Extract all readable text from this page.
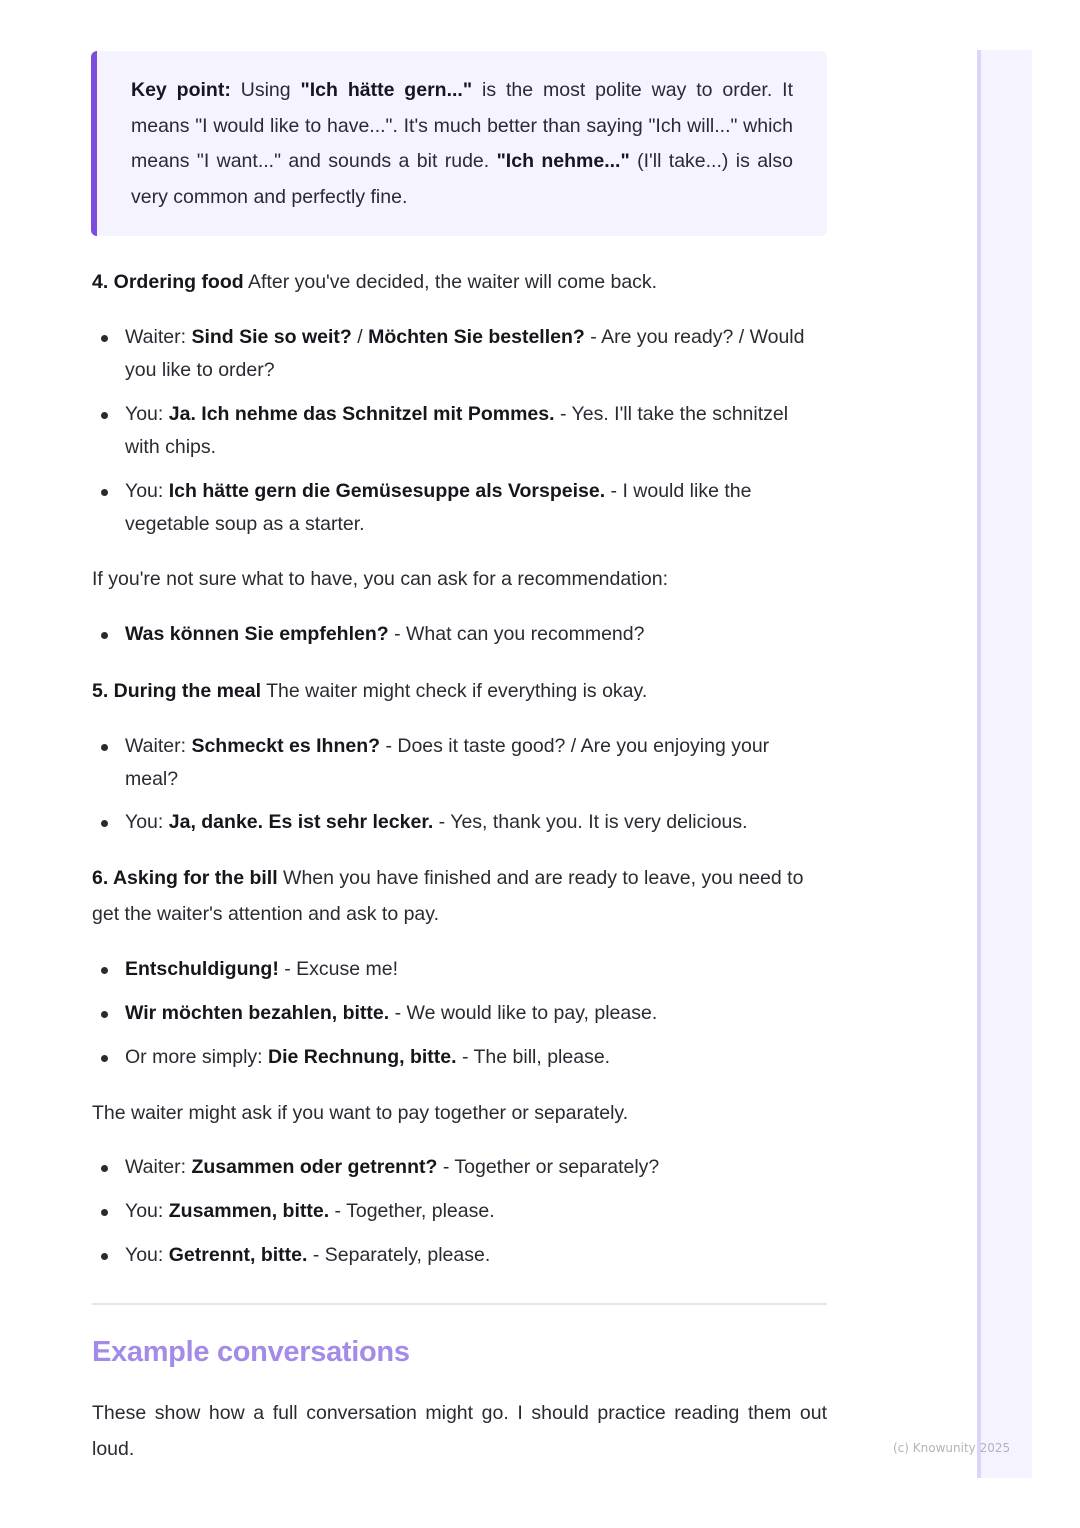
Key point: Using "Ich hätte gern..." is the most polite way to order. It means "I would like to have...". It's much better than saying "Ich will..." which means "I want..." and sounds a bit rude. "Ich nehme..." (I'll take...) is also very common and perfectly fine.
4. Ordering food After you've decided, the waiter will come back.
Waiter: Sind Sie so weit? / Möchten Sie bestellen? - Are you ready? / Would you like to order?
You: Ja. Ich nehme das Schnitzel mit Pommes. - Yes. I'll take the schnitzel with chips.
You: Ich hätte gern die Gemüsesuppe als Vorspeise. - I would like the vegetable soup as a starter.
If you're not sure what to have, you can ask for a recommendation:
Was können Sie empfehlen? - What can you recommend?
5. During the meal The waiter might check if everything is okay.
Waiter: Schmeckt es Ihnen? - Does it taste good? / Are you enjoying your meal?
You: Ja, danke. Es ist sehr lecker. - Yes, thank you. It is very delicious.
6. Asking for the bill When you have finished and are ready to leave, you need to get the waiter's attention and ask to pay.
Entschuldigung! - Excuse me!
Wir möchten bezahlen, bitte. - We would like to pay, please.
Or more simply: Die Rechnung, bitte. - The bill, please.
The waiter might ask if you want to pay together or separately.
Waiter: Zusammen oder getrennt? - Together or separately?
You: Zusammen, bitte. - Together, please.
You: Getrennt, bitte. - Separately, please.
Example conversations
These show how a full conversation might go. I should practice reading them out loud.	(c) Knowunity 2025
